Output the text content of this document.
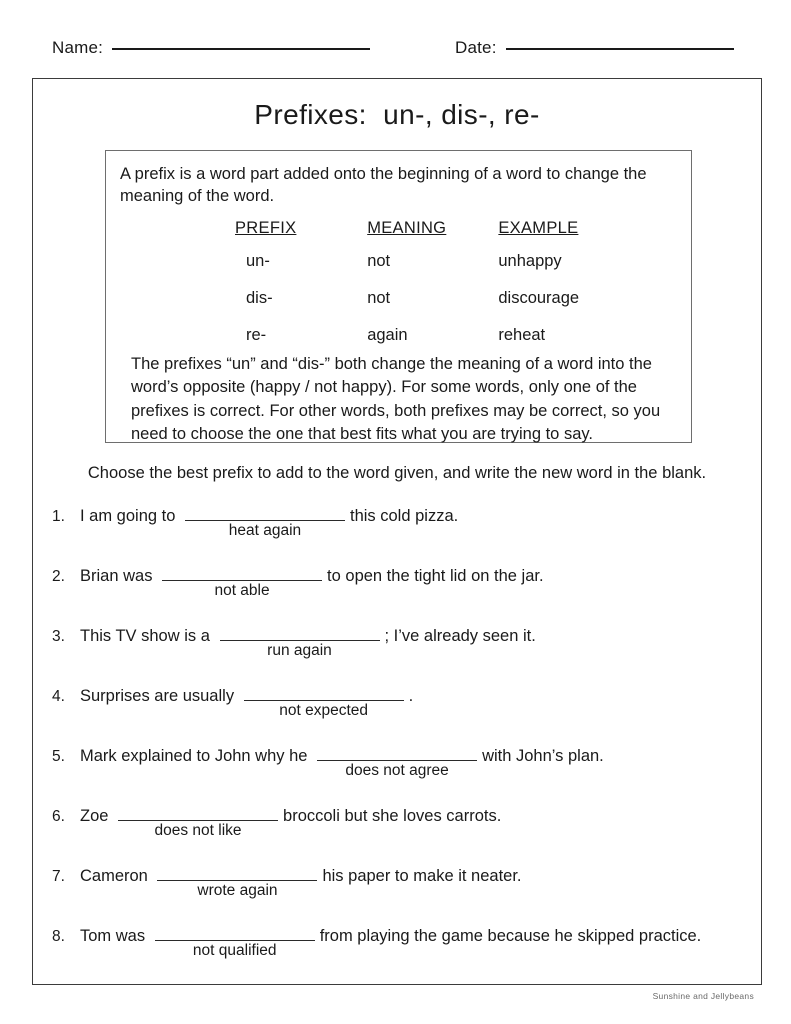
Name:	Date:
Prefixes:  un-, dis-, re-
A prefix is a word part added onto the beginning of a word to change the meaning of the word.
PREFIX	MEANING	EXAMPLE
un-	not	unhappy
dis-	not	discourage
re-	again	reheat
The prefixes “un” and “dis-” both change the meaning of a word into the word’s opposite (happy / not happy). For some words, only one of the prefixes is correct. For other words, both prefixes may be correct, so you need to choose the one that best fits what you are trying to say.
Choose the best prefix to add to the word given, and write the new word in the blank.
1. I am going to

heat again
this cold pizza.
2. Brian was

not able
to open the tight lid on the jar.
3. This TV show is a

run again
; I’ve already seen it.
4. Surprises are usually

not expected
.
5. Mark explained to John why he

does not agree
with John’s plan.
6. Zoe

does not like
broccoli but she loves carrots.
7. Cameron

wrote again
his paper to make it neater.
8. Tom was

not qualified
from playing the game because he skipped practice.
Sunshine and Jellybeans
